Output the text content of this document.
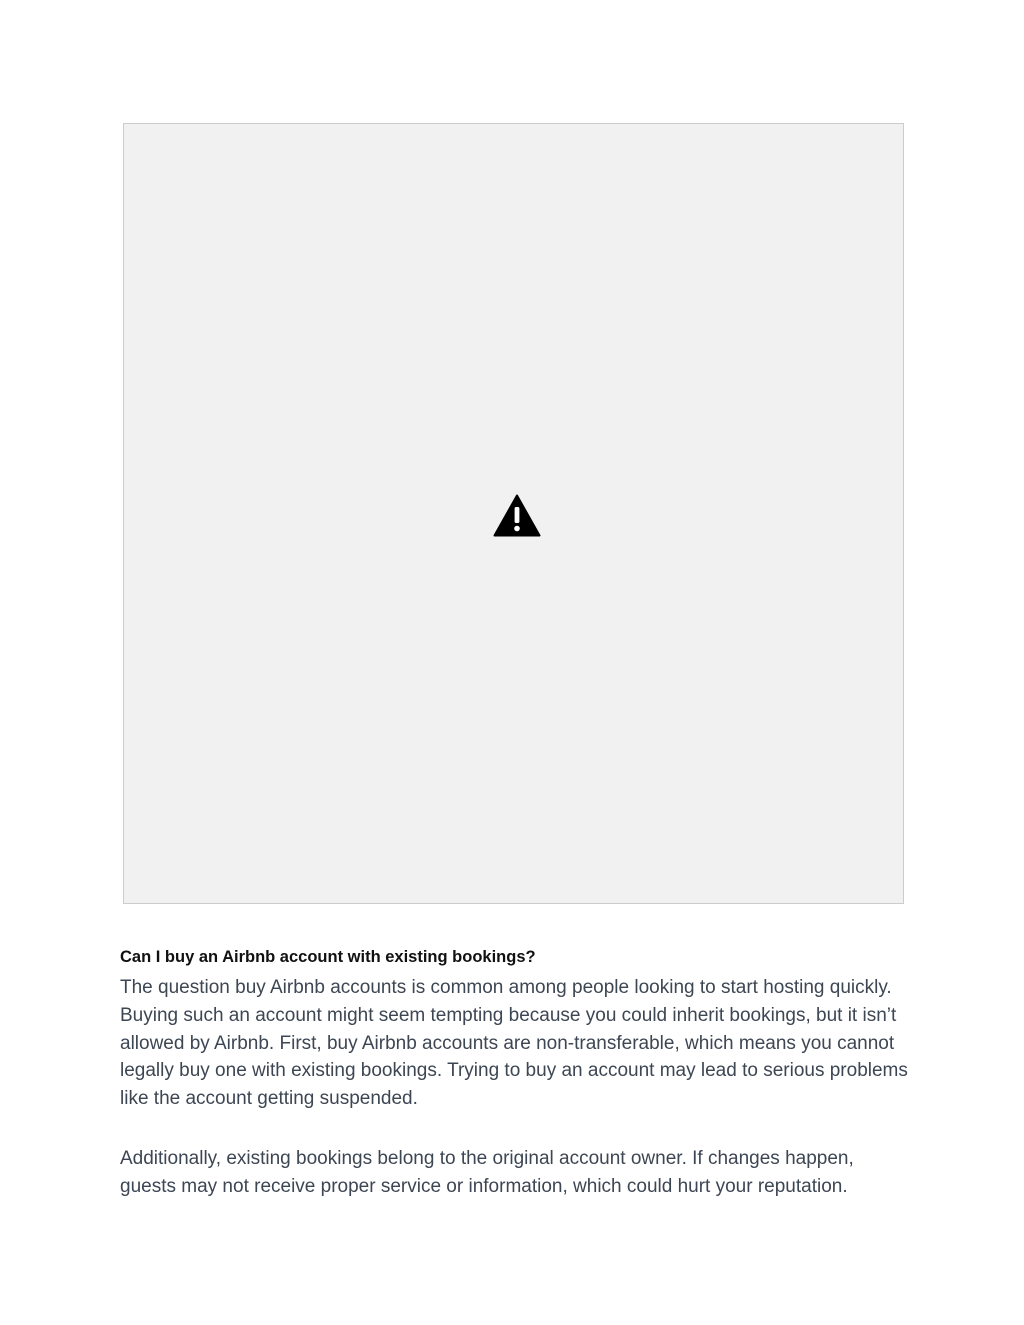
Can I buy an Airbnb account with existing bookings?

The question buy Airbnb accounts is common among people looking to start hosting quickly. Buying such an account might seem tempting because you could inherit bookings, but it isn’t allowed by Airbnb. First, buy Airbnb accounts are non-transferable, which means you cannot legally buy one with existing bookings. Trying to buy an account may lead to serious problems like the account getting suspended.

Additionally, existing bookings belong to the original account owner. If changes happen, guests may not receive proper service or information, which could hurt your reputation.
